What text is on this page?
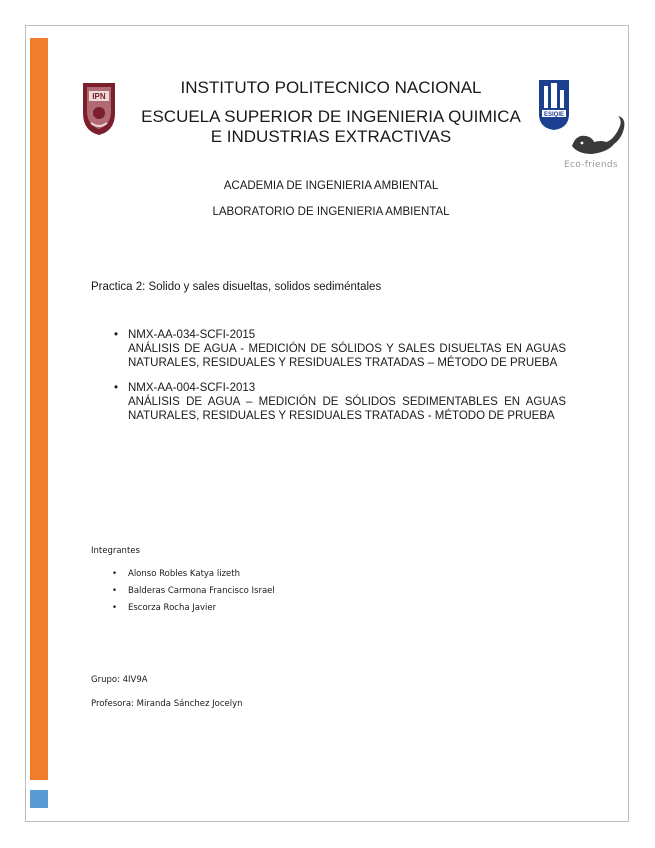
IPN
ESIQIE
Eco-friends
INSTITUTO POLITECNICO NACIONAL
ESCUELA SUPERIOR DE INGENIERIA QUIMICA
E INDUSTRIAS EXTRACTIVAS
ACADEMIA DE INGENIERIA AMBIENTAL
LABORATORIO DE INGENIERIA AMBIENTAL
Practica 2: Solido y sales disueltas, solidos sediméntales
• NMX-AA-034-SCFI-2015
ANÁLISIS DE AGUA - MEDICIÓN DE SÓLIDOS Y SALES DISUELTAS EN AGUAS NATURALES, RESIDUALES Y RESIDUALES TRATADAS – MÉTODO DE PRUEBA
• NMX-AA-004-SCFI-2013
ANÁLISIS DE AGUA – MEDICIÓN DE SÓLIDOS SEDIMENTABLES EN AGUAS NATURALES, RESIDUALES Y RESIDUALES TRATADAS - MÉTODO DE PRUEBA
Integrantes
• Alonso Robles Katya lizeth
• Balderas Carmona Francisco Israel
• Escorza Rocha Javier
Grupo: 4IV9A
Profesora: Miranda Sánchez Jocelyn
